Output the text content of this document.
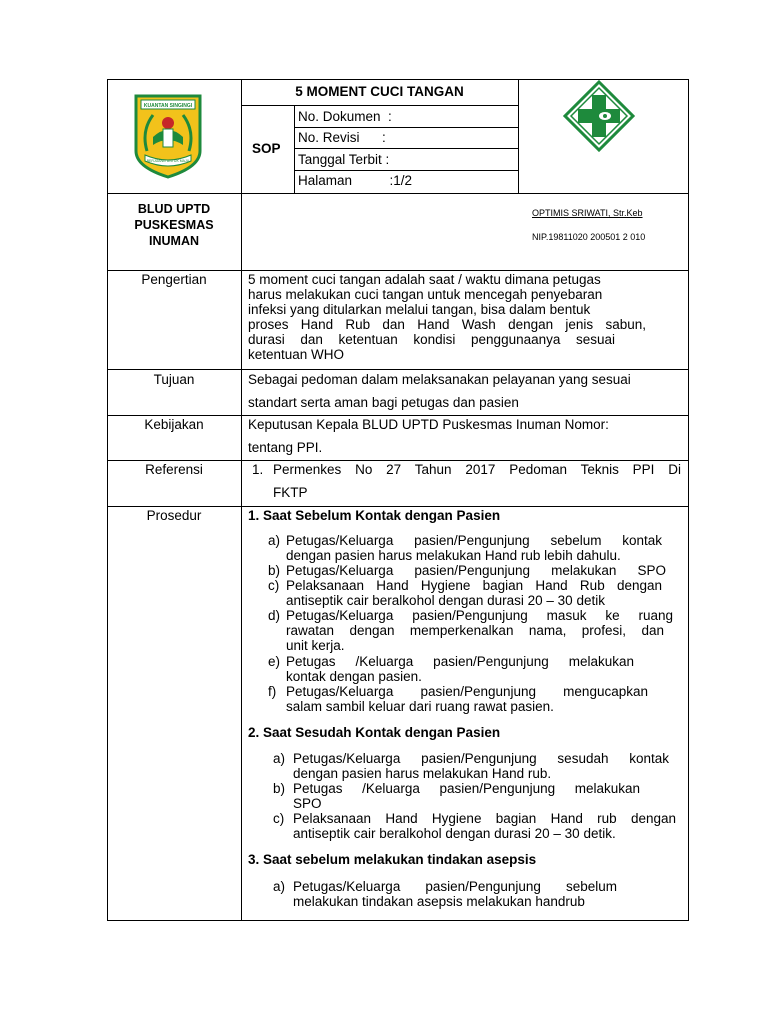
KUANTAN SINGINGI
BERJUANG UNTUK MAJU
5 MOMENT CUCI TANGAN
SOP
No. Dokumen  :
No. Revisi      :
Tanggal Terbit :
Halaman          :1/2
BLUD UPTD
PUSKESMAS
INUMAN
OPTIMIS SRIWATI, Str.Keb
NIP.19811020 200501 2 010
Pengertian	5 moment cuci tangan adalah saat / waktu dimana petugas
harus melakukan cuci tangan untuk mencegah penyebaran
infeksi yang ditularkan melalui tangan, bisa dalam bentuk
proses Hand Rub dan Hand Wash dengan jenis sabun,
durasi dan ketentuan kondisi penggunaanya sesuai
ketentuan WHO
Tujuan	Sebagai pedoman dalam melaksanakan pelayanan yang sesuai
standart serta aman bagi petugas dan pasien
Kebijakan	Keputusan Kepala BLUD UPTD Puskesmas Inuman Nomor:
tentang PPI.
Referensi	1. Permenkes No 27 Tahun 2017 Pedoman Teknis PPI Di
FKTP
Prosedur	1. Saat Sebelum Kontak dengan Pasien
a) Petugas/Keluarga pasien/Pengunjung sebelum kontak
dengan pasien harus melakukan Hand rub lebih dahulu.
b) Petugas/Keluarga pasien/Pengunjung melakukan SPO
c) Pelaksanaan Hand Hygiene bagian Hand Rub dengan
antiseptik cair beralkohol dengan durasi 20 – 30 detik
d) Petugas/Keluarga pasien/Pengunjung masuk ke ruang
rawatan dengan memperkenalkan nama, profesi, dan
unit kerja.
e) Petugas /Keluarga pasien/Pengunjung melakukan
kontak dengan pasien.
f) Petugas/Keluarga pasien/Pengunjung mengucapkan
salam sambil keluar dari ruang rawat pasien.
2. Saat Sesudah Kontak dengan Pasien
a) Petugas/Keluarga pasien/Pengunjung sesudah kontak
dengan pasien harus melakukan Hand rub.
b) Petugas /Keluarga pasien/Pengunjung melakukan
SPO
c) Pelaksanaan Hand Hygiene bagian Hand rub dengan
antiseptik cair beralkohol dengan durasi 20 – 30 detik.
3. Saat sebelum melakukan tindakan asepsis
a) Petugas/Keluarga pasien/Pengunjung sebelum
melakukan tindakan asepsis melakukan handrub
